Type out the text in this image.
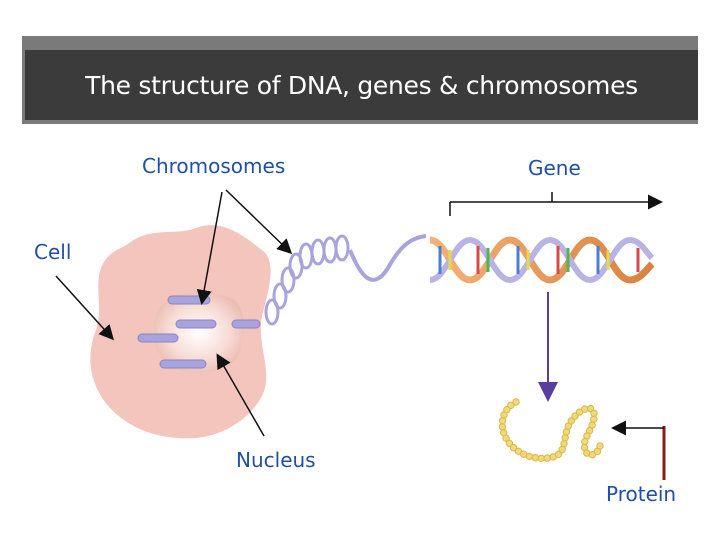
The structure of DNA, genes & chromosomes
Chromosomes	Gene
Cell
Nucleus
Protein
